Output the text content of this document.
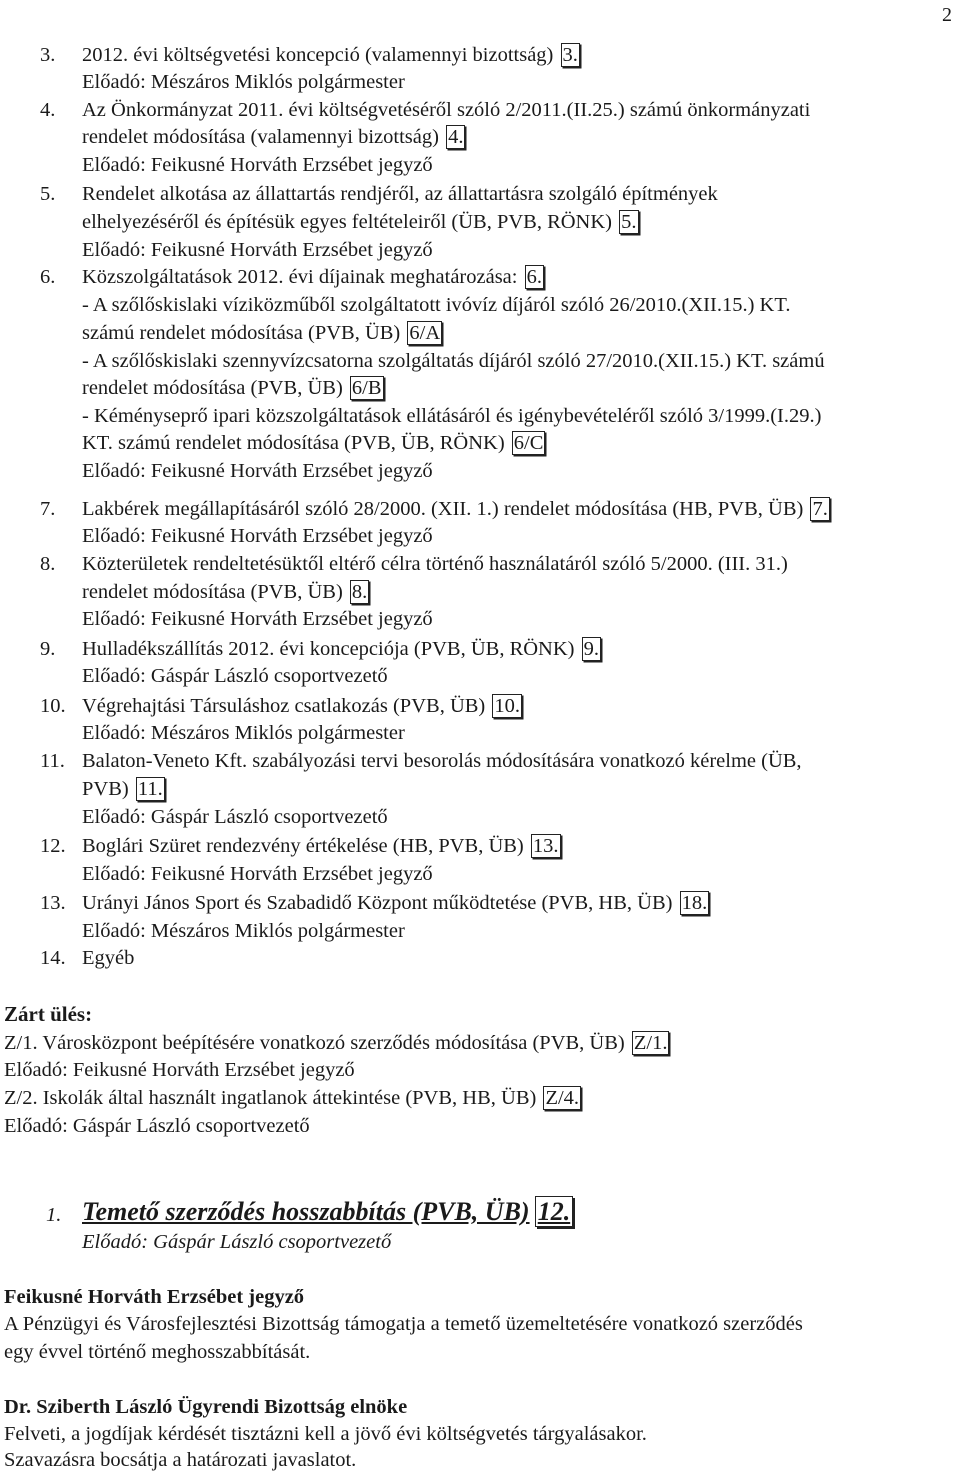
2
3. 2012. évi költségvetési koncepció (valamennyi bizottság) 3.
Előadó: Mészáros Miklós polgármester
4. Az Önkormányzat 2011. évi költségvetéséről szóló 2/2011.(II.25.) számú önkormányzati
rendelet módosítása (valamennyi bizottság) 4.
Előadó: Feikusné Horváth Erzsébet jegyző
5. Rendelet alkotása az állattartás rendjéről, az állattartásra szolgáló építmények
elhelyezéséről és építésük egyes feltételeiről (ÜB, PVB, RÖNK) 5.
Előadó: Feikusné Horváth Erzsébet jegyző
6. Közszolgáltatások 2012. évi díjainak meghatározása: 6.
- A szőlőskislaki víziközműből szolgáltatott ivóvíz díjáról szóló 26/2010.(XII.15.) KT.
számú rendelet módosítása (PVB, ÜB) 6/A
- A szőlőskislaki szennyvízcsatorna szolgáltatás díjáról szóló 27/2010.(XII.15.) KT. számú
rendelet módosítása (PVB, ÜB) 6/B
- Kéményseprő ipari közszolgáltatások ellátásáról és igénybevételéről szóló 3/1999.(I.29.)
KT. számú rendelet módosítása (PVB, ÜB, RÖNK) 6/C
Előadó: Feikusné Horváth Erzsébet jegyző
7. Lakbérek megállapításáról szóló 28/2000. (XII. 1.) rendelet módosítása (HB, PVB, ÜB) 7.
Előadó: Feikusné Horváth Erzsébet jegyző
8. Közterületek rendeltetésüktől eltérő célra történő használatáról szóló 5/2000. (III. 31.)
rendelet módosítása (PVB, ÜB) 8.
Előadó: Feikusné Horváth Erzsébet jegyző
9. Hulladékszállítás 2012. évi koncepciója (PVB, ÜB, RÖNK) 9.
Előadó: Gáspár László csoportvezető
10. Végrehajtási Társuláshoz csatlakozás (PVB, ÜB) 10.
Előadó: Mészáros Miklós polgármester
11. Balaton-Veneto Kft. szabályozási tervi besorolás módosítására vonatkozó kérelme (ÜB,
PVB) 11.
Előadó: Gáspár László csoportvezető
12. Boglári Szüret rendezvény értékelése (HB, PVB, ÜB) 13.
Előadó: Feikusné Horváth Erzsébet jegyző
13. Urányi János Sport és Szabadidő Központ működtetése (PVB, HB, ÜB) 18.
Előadó: Mészáros Miklós polgármester
14. Egyéb
Zárt ülés:
Z/1. Városközpont beépítésére vonatkozó szerződés módosítása (PVB, ÜB) Z/1.
Előadó: Feikusné Horváth Erzsébet jegyző
Z/2. Iskolák által használt ingatlanok áttekintése (PVB, HB, ÜB) Z/4.
Előadó: Gáspár László csoportvezető
1. Temető szerződés hosszabbítás (PVB, ÜB) 12.
Előadó: Gáspár László csoportvezető
Feikusné Horváth Erzsébet jegyző
A Pénzügyi és Városfejlesztési Bizottság támogatja a temető üzemeltetésére vonatkozó szerződés
egy évvel történő meghosszabbítását.
Dr. Sziberth László Ügyrendi Bizottság elnöke
Felveti, a jogdíjak kérdését tisztázni kell a jövő évi költségvetés tárgyalásakor.
Szavazásra bocsátja a határozati javaslatot.
